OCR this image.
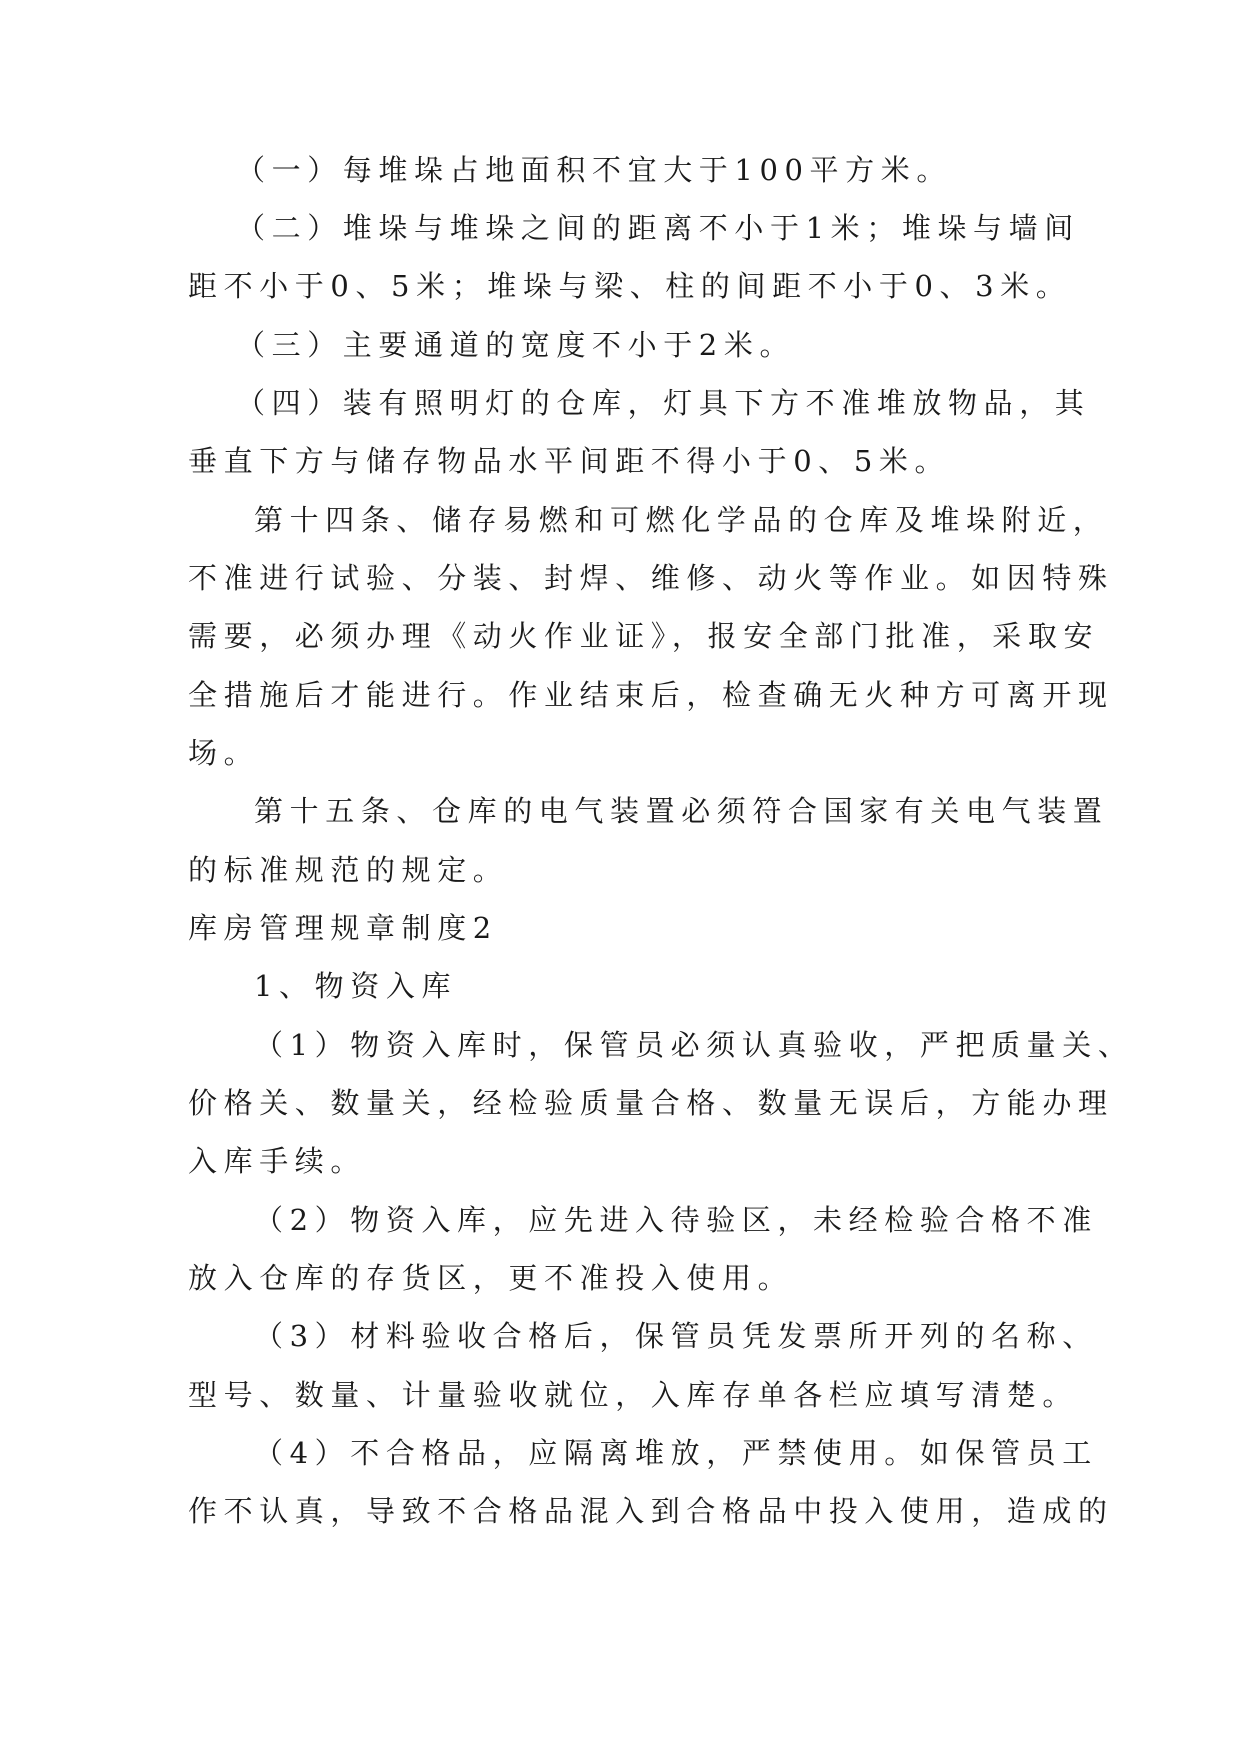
（一）每堆垛占地面积不宜大于100平方米。

（二）堆垛与堆垛之间的距离不小于1米；堆垛与墙间

距不小于0、5米；堆垛与梁、柱的间距不小于0、3米。

（三）主要通道的宽度不小于2米。

（四）装有照明灯的仓库，灯具下方不准堆放物品，其

垂直下方与储存物品水平间距不得小于0、5米。

第十四条、储存易燃和可燃化学品的仓库及堆垛附近，

不准进行试验、分装、封焊、维修、动火等作业。如因特殊

需要，必须办理《动火作业证》，报安全部门批准，采取安

全措施后才能进行。作业结束后，检查确无火种方可离开现

场。

第十五条、仓库的电气装置必须符合国家有关电气装置

的标准规范的规定。

库房管理规章制度2

1、物资入库

（1）物资入库时，保管员必须认真验收，严把质量关、

价格关、数量关，经检验质量合格、数量无误后，方能办理

入库手续。

（2）物资入库，应先进入待验区，未经检验合格不准

放入仓库的存货区，更不准投入使用。

（3）材料验收合格后，保管员凭发票所开列的名称、

型号、数量、计量验收就位，入库存单各栏应填写清楚。

（4）不合格品，应隔离堆放，严禁使用。如保管员工

作不认真，导致不合格品混入到合格品中投入使用，造成的
